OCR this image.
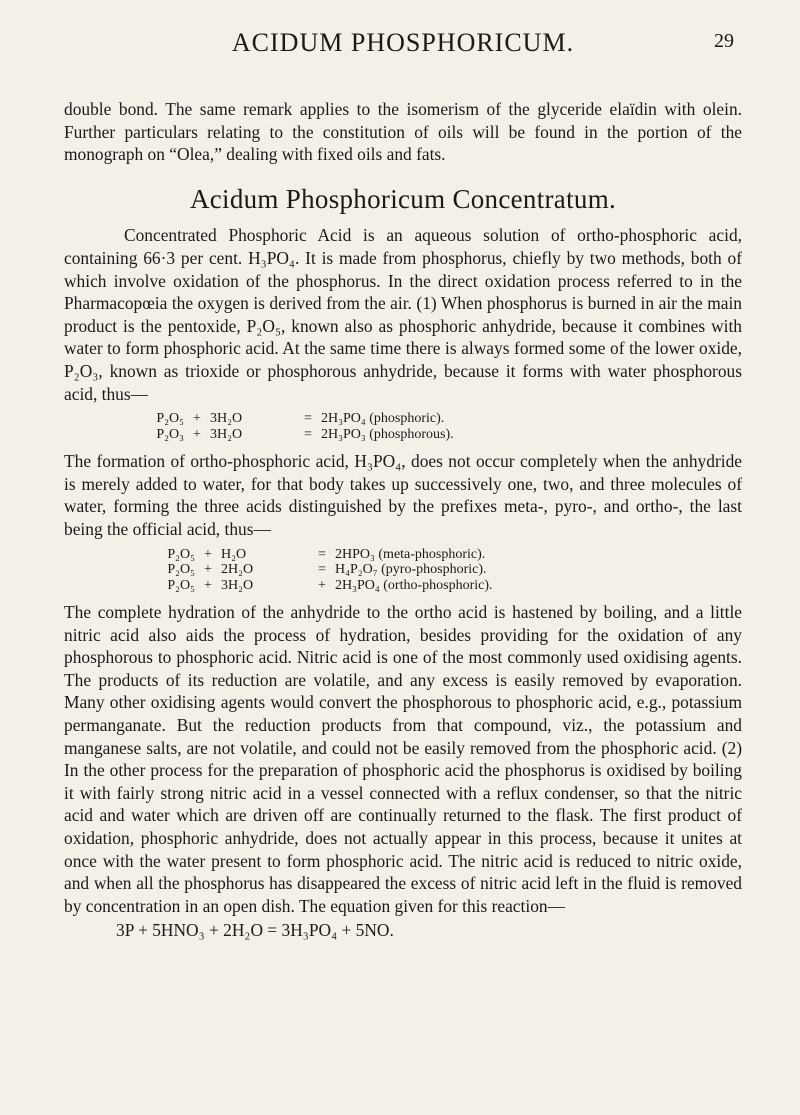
ACIDUM PHOSPHORICUM.	29

double bond. The same remark applies to the isomerism of the glyceride elaïdin with olein. Further particulars relating to the constitution of oils will be found in the portion of the monograph on “Olea,” dealing with fixed oils and fats.

Acidum Phosphoricum Concentratum.

Concentrated Phosphoric Acid is an aqueous solution of ortho-phosphoric acid, containing 66·3 per cent. H₃PO₄. It is made from phosphorus, chiefly by two methods, both of which involve oxidation of the phosphorus. In the direct oxidation process referred to in the Pharmacopœia the oxygen is derived from the air. (1) When phosphorus is burned in air the main product is the pentoxide, P₂O₅, known also as phosphoric anhydride, because it combines with water to form phosphoric acid. At the same time there is always formed some of the lower oxide, P₂O₃, known as trioxide or phosphorous anhydride, because it forms with water phosphorous acid, thus—

P₂O₅ + 3H₂O	= 2H₃PO₄ (phosphoric).
P₂O₃ + 3H₂O	= 2H₃PO₃ (phosphorous).

The formation of ortho-phosphoric acid, H₃PO₄, does not occur completely when the anhydride is merely added to water, for that body takes up successively one, two, and three molecules of water, forming the three acids distinguished by the prefixes meta-, pyro-, and ortho-, the last being the official acid, thus—

P₂O₅ + H₂O	= 2HPO₃ (meta-phosphoric).
P₂O₅ + 2H₂O	= H₄P₂O₇ (pyro-phosphoric).
P₂O₅ + 3H₂O	+ 2H₃PO₄ (ortho-phosphoric).

The complete hydration of the anhydride to the ortho acid is hastened by boiling, and a little nitric acid also aids the process of hydration, besides providing for the oxidation of any phosphorous to phosphoric acid. Nitric acid is one of the most commonly used oxidising agents. The products of its reduction are volatile, and any excess is easily removed by evaporation. Many other oxidising agents would convert the phosphorous to phosphoric acid, e.g., potassium permanganate. But the reduction products from that compound, viz., the potassium and manganese salts, are not volatile, and could not be easily removed from the phosphoric acid. (2) In the other process for the preparation of phosphoric acid the phosphorus is oxidised by boiling it with fairly strong nitric acid in a vessel connected with a reflux condenser, so that the nitric acid and water which are driven off are continually returned to the flask. The first product of oxidation, phosphoric anhydride, does not actually appear in this process, because it unites at once with the water present to form phosphoric acid. The nitric acid is reduced to nitric oxide, and when all the phosphorus has disappeared the excess of nitric acid left in the fluid is removed by concentration in an open dish. The equation given for this reaction—

3P + 5HNO₃ + 2H₂O = 3H₃PO₄ + 5NO.
